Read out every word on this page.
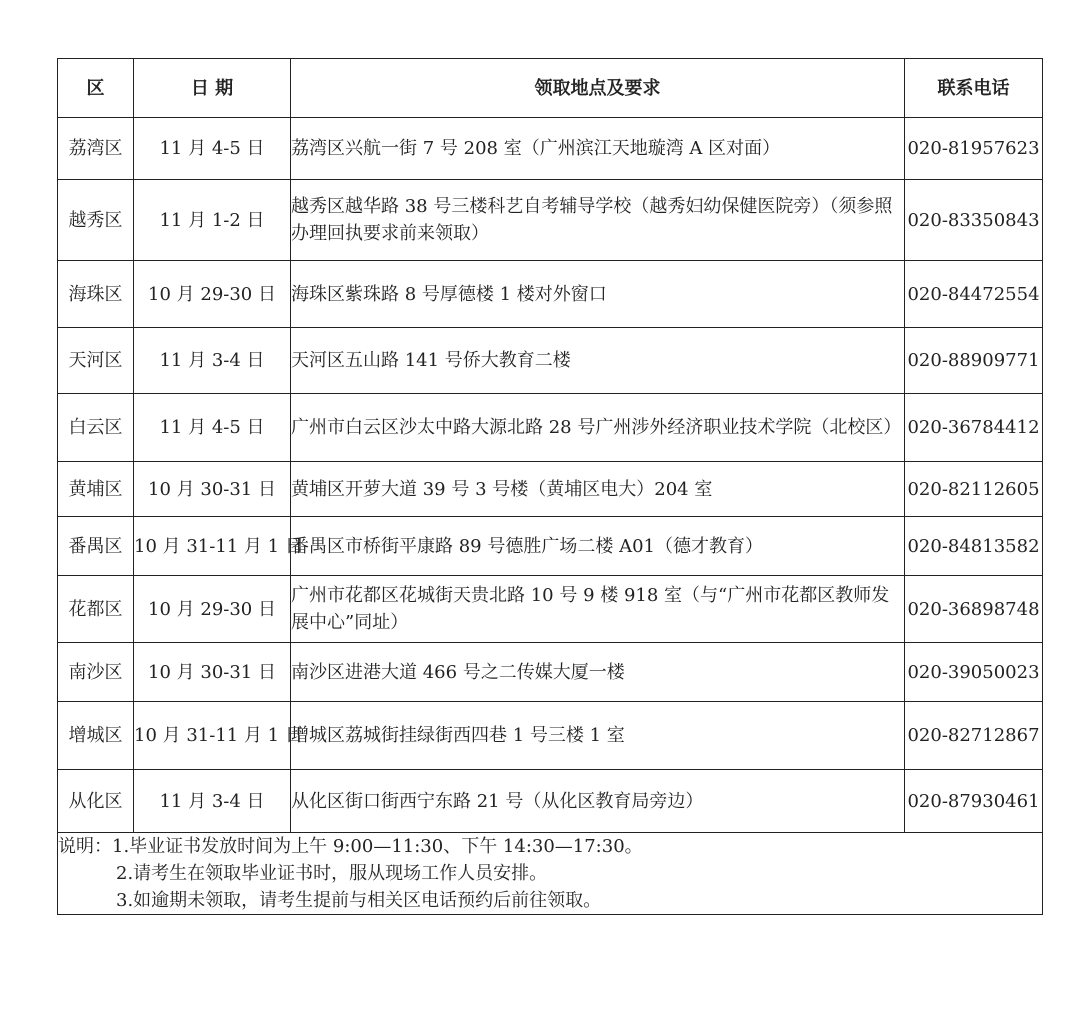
区	日 期	领取地点及要求	联系电话
荔湾区	11 月 4-5 日	荔湾区兴航一街 7 号 208 室（广州滨江天地璇湾 A 区对面）	020-81957623
越秀区	11 月 1-2 日	越秀区越华路 38 号三楼科艺自考辅导学校（越秀妇幼保健医院旁）（须参照办理回执要求前来领取）	020-83350843
海珠区	10 月 29-30 日	海珠区紫珠路 8 号厚德楼 1 楼对外窗口	020-84472554
天河区	11 月 3-4 日	天河区五山路 141 号侨大教育二楼	020-88909771
白云区	11 月 4-5 日	广州市白云区沙太中路大源北路 28 号广州涉外经济职业技术学院（北校区）	020-36784412
黄埔区	10 月 30-31 日	黄埔区开萝大道 39 号 3 号楼（黄埔区电大）204 室	020-82112605
番禺区	10 月 31-11 月 1 日	番禺区市桥街平康路 89 号德胜广场二楼 A01（德才教育）	020-84813582
花都区	10 月 29-30 日	广州市花都区花城街天贵北路 10 号 9 楼 918 室（与“广州市花都区教师发展中心”同址）	020-36898748
南沙区	10 月 30-31 日	南沙区进港大道 466 号之二传媒大厦一楼	020-39050023
增城区	10 月 31-11 月 1 日	增城区荔城街挂绿街西四巷 1 号三楼 1 室	020-82712867
从化区	11 月 3-4 日	从化区街口街西宁东路 21 号（从化区教育局旁边）	020-87930461

说明：1.毕业证书发放时间为上午 9:00—11:30、下午 14:30—17:30。
2.请考生在领取毕业证书时，服从现场工作人员安排。
3.如逾期未领取，请考生提前与相关区电话预约后前往领取。			
